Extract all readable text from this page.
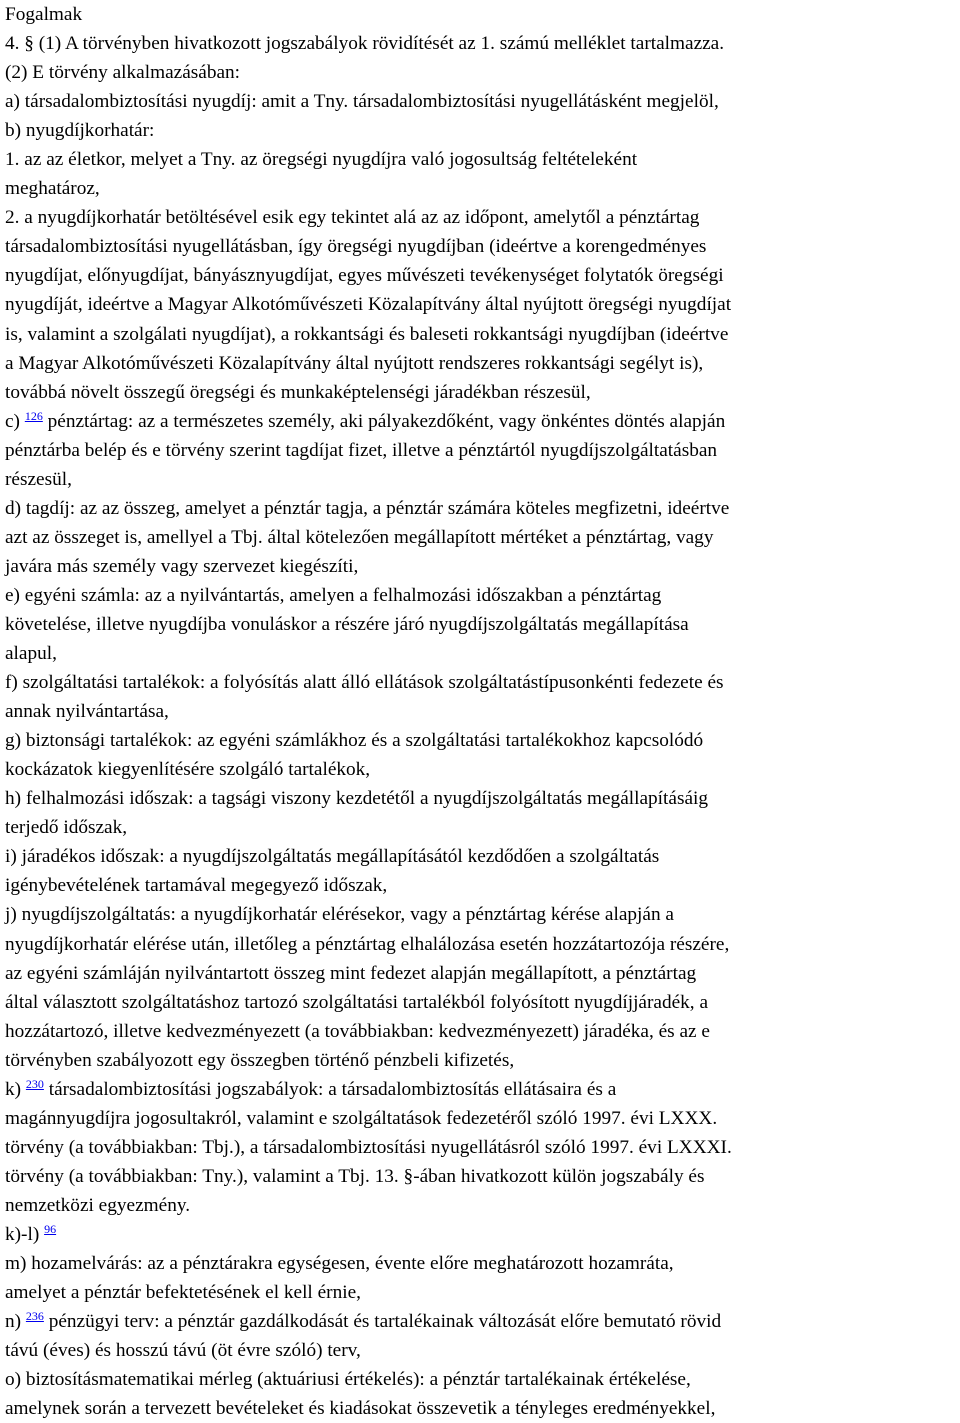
Fogalmak
4. § (1) A törvényben hivatkozott jogszabályok rövidítését az 1. számú melléklet tartalmazza.
(2) E törvény alkalmazásában:
a) társadalombiztosítási nyugdíj: amit a Tny. társadalombiztosítási nyugellátásként megjelöl,
b) nyugdíjkorhatár:
1. az az életkor, melyet a Tny. az öregségi nyugdíjra való jogosultság feltételeként
meghatároz,
2. a nyugdíjkorhatár betöltésével esik egy tekintet alá az az időpont, amelytől a pénztártag
társadalombiztosítási nyugellátásban, így öregségi nyugdíjban (ideértve a korengedményes
nyugdíjat, előnyugdíjat, bányásznyugdíjat, egyes művészeti tevékenységet folytatók öregségi
nyugdíját, ideértve a Magyar Alkotóművészeti Közalapítvány által nyújtott öregségi nyugdíjat
is, valamint a szolgálati nyugdíjat), a rokkantsági és baleseti rokkantsági nyugdíjban (ideértve
a Magyar Alkotóművészeti Közalapítvány által nyújtott rendszeres rokkantsági segélyt is),
továbbá növelt összegű öregségi és munkaképtelenségi járadékban részesül,
c) $^{126}$ pénztártag: az a természetes személy, aki pályakezdőként, vagy önkéntes döntés alapján
pénztárba belép és e törvény szerint tagdíjat fizet, illetve a pénztártól nyugdíjszolgáltatásban
részesül,
d) tagdíj: az az összeg, amelyet a pénztár tagja, a pénztár számára köteles megfizetni, ideértve
azt az összeget is, amellyel a Tbj. által kötelezően megállapított mértéket a pénztártag, vagy
javára más személy vagy szervezet kiegészíti,
e) egyéni számla: az a nyilvántartás, amelyen a felhalmozási időszakban a pénztártag
követelése, illetve nyugdíjba vonuláskor a részére járó nyugdíjszolgáltatás megállapítása
alapul,
f) szolgáltatási tartalékok: a folyósítás alatt álló ellátások szolgáltatástípusonkénti fedezete és
annak nyilvántartása,
g) biztonsági tartalékok: az egyéni számlákhoz és a szolgáltatási tartalékokhoz kapcsolódó
kockázatok kiegyenlítésére szolgáló tartalékok,
h) felhalmozási időszak: a tagsági viszony kezdetétől a nyugdíjszolgáltatás megállapításáig
terjedő időszak,
i) járadékos időszak: a nyugdíjszolgáltatás megállapításától kezdődően a szolgáltatás
igénybevételének tartamával megegyező időszak,
j) nyugdíjszolgáltatás: a nyugdíjkorhatár elérésekor, vagy a pénztártag kérése alapján a
nyugdíjkorhatár elérése után, illetőleg a pénztártag elhalálozása esetén hozzátartozója részére,
az egyéni számláján nyilvántartott összeg mint fedezet alapján megállapított, a pénztártag
által választott szolgáltatáshoz tartozó szolgáltatási tartalékból folyósított nyugdíjjáradék, a
hozzátartozó, illetve kedvezményezett (a továbbiakban: kedvezményezett) járadéka, és az e
törvényben szabályozott egy összegben történő pénzbeli kifizetés,
k) $^{230}$ társadalombiztosítási jogszabályok: a társadalombiztosítás ellátásaira és a
magánnyugdíjra jogosultakról, valamint e szolgáltatások fedezetéről szóló 1997. évi LXXX.
törvény (a továbbiakban: Tbj.), a társadalombiztosítási nyugellátásról szóló 1997. évi LXXXI.
törvény (a továbbiakban: Tny.), valamint a Tbj. 13. §-ában hivatkozott külön jogszabály és
nemzetközi egyezmény.
k)-l) $^{96}$
m) hozamelvárás: az a pénztárakra egységesen, évente előre meghatározott hozamráta,
amelyet a pénztár befektetésének el kell érnie,
n) $^{236}$ pénzügyi terv: a pénztár gazdálkodását és tartalékainak változását előre bemutató rövid
távú (éves) és hosszú távú (öt évre szóló) terv,
o) biztosításmatematikai mérleg (aktuáriusi értékelés): a pénztár tartalékainak értékelése,
amelynek során a tervezett bevételeket és kiadásokat összevetik a tényleges eredményekkel,
